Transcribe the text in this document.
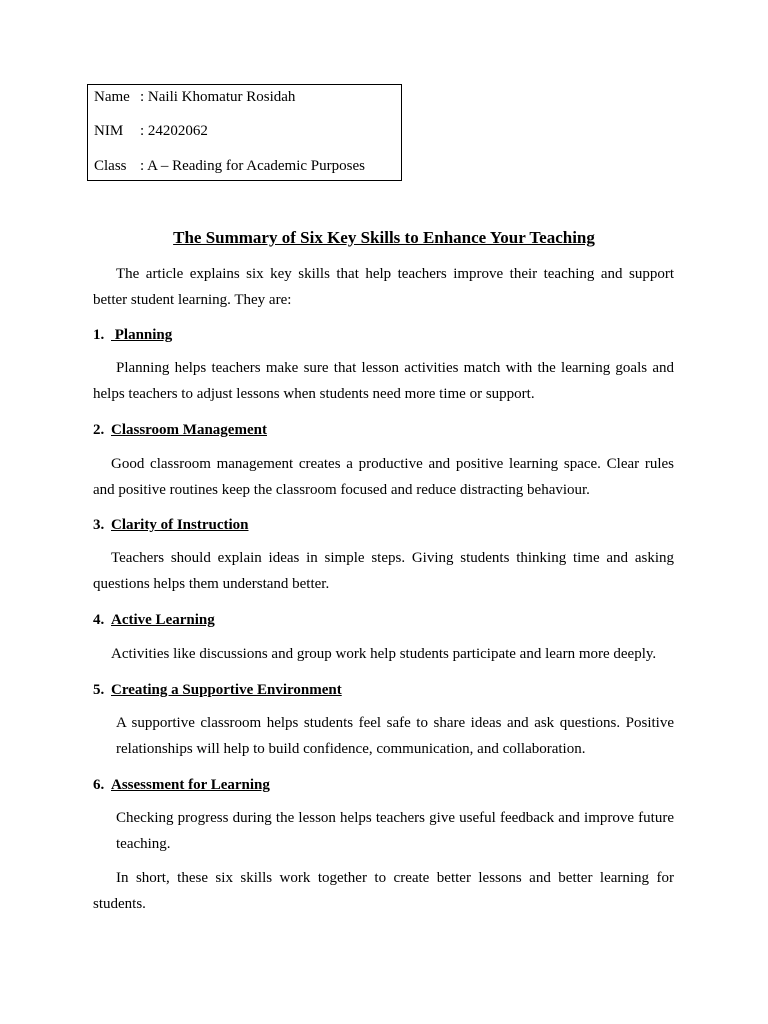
Name : Naili Khomatur Rosidah
NIM : 24202062
Class : A – Reading for Academic Purposes
The Summary of Six Key Skills to Enhance Your Teaching
The article explains six key skills that help teachers improve their teaching and support better student learning. They are:
1. Planning
Planning helps teachers make sure that lesson activities match with the learning goals and helps teachers to adjust lessons when students need more time or support.
2. Classroom Management
Good classroom management creates a productive and positive learning space. Clear rules and positive routines keep the classroom focused and reduce distracting behaviour.
3. Clarity of Instruction
Teachers should explain ideas in simple steps. Giving students thinking time and asking questions helps them understand better.
4. Active Learning
Activities like discussions and group work help students participate and learn more deeply.
5. Creating a Supportive Environment
A supportive classroom helps students feel safe to share ideas and ask questions. Positive relationships will help to build confidence, communication, and collaboration.
6. Assessment for Learning
Checking progress during the lesson helps teachers give useful feedback and improve future teaching.
In short, these six skills work together to create better lessons and better learning for students.
